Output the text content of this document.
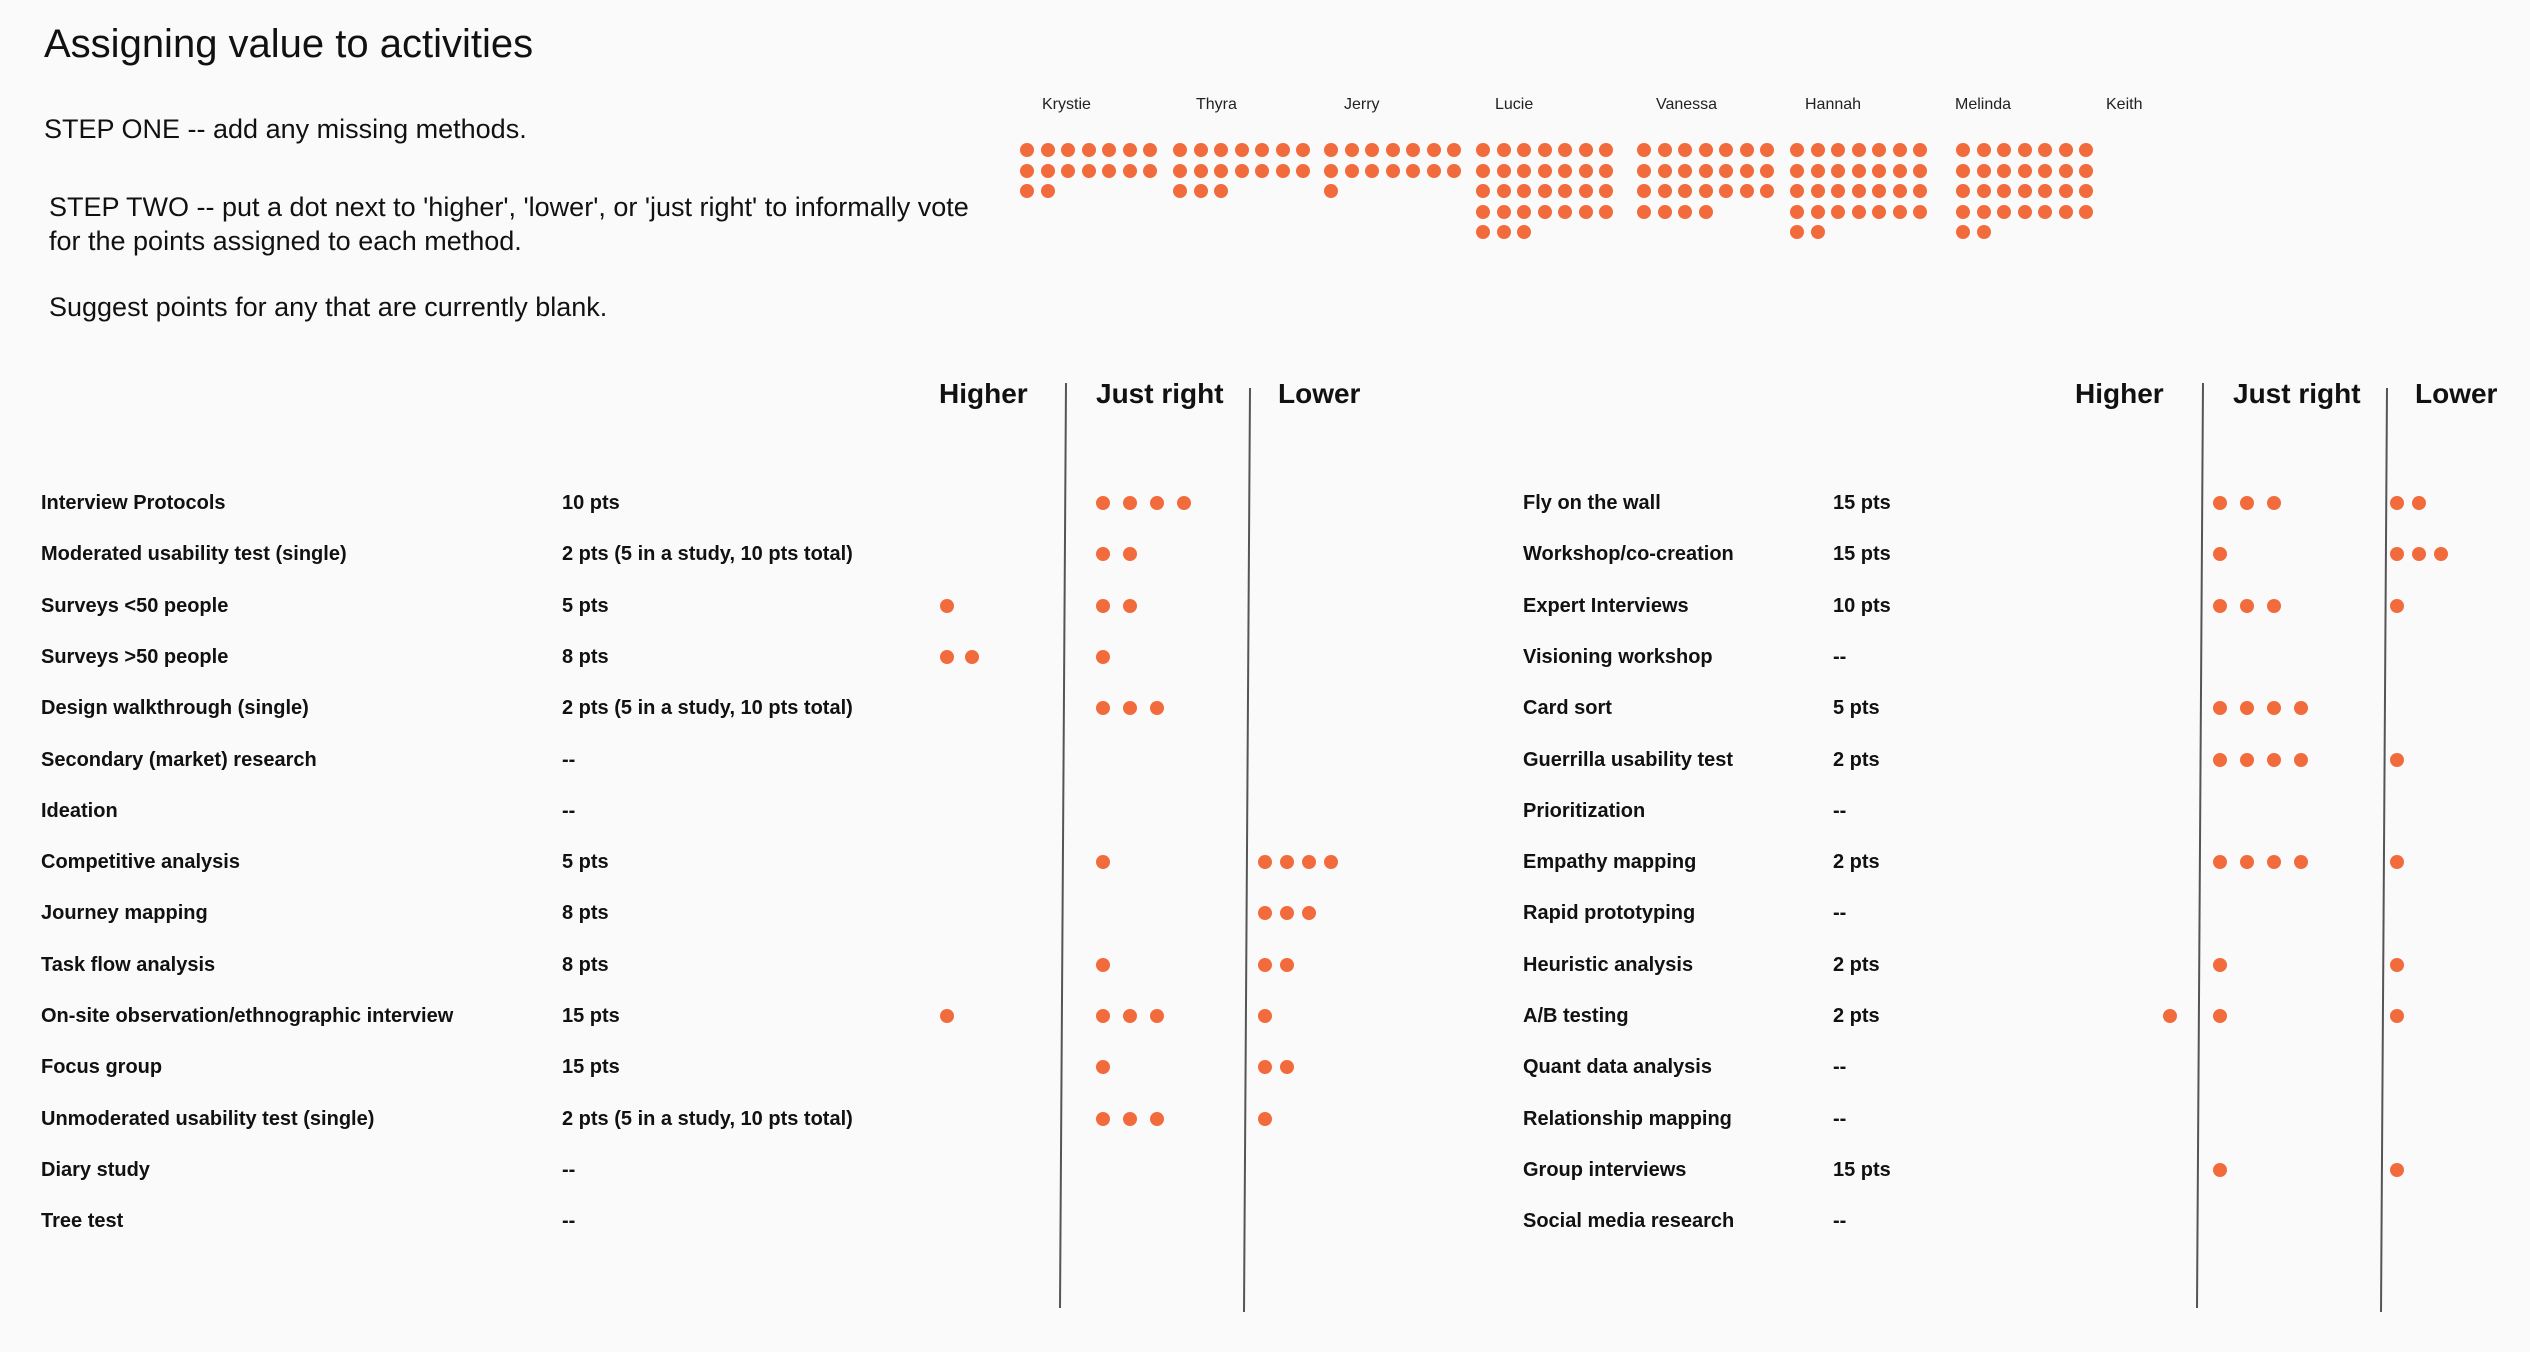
Assigning value to activities
STEP ONE -- add any missing methods.
STEP TWO -- put a dot next to 'higher', 'lower', or 'just right' to informally vote for the points assigned to each method.
Suggest points for any that are currently blank.
Krystie	Thyra	Jerry	Lucie	Vanessa	Hannah	Melinda	Keith
Higher Just right Lower	Higher Just right Lower
Interview Protocols	10 pts
Moderated usability test (single)	2 pts (5 in a study, 10 pts total)
Surveys <50 people	5 pts
Surveys >50 people	8 pts
Design walkthrough (single)	2 pts (5 in a study, 10 pts total)
Secondary (market) research	--
Ideation	--
Competitive analysis	5 pts
Journey mapping	8 pts
Task flow analysis	8 pts
On-site observation/ethnographic interview	15 pts
Focus group	15 pts
Unmoderated usability test (single)	2 pts (5 in a study, 10 pts total)
Diary study	--
Tree test	--
Fly on the wall	15 pts
Workshop/co-creation	15 pts
Expert Interviews	10 pts
Visioning workshop	--
Card sort	5 pts
Guerrilla usability test	2 pts
Prioritization	--
Empathy mapping	2 pts
Rapid prototyping	--
Heuristic analysis	2 pts
A/B testing	2 pts
Quant data analysis	--
Relationship mapping	--
Group interviews	15 pts
Social media research	--
